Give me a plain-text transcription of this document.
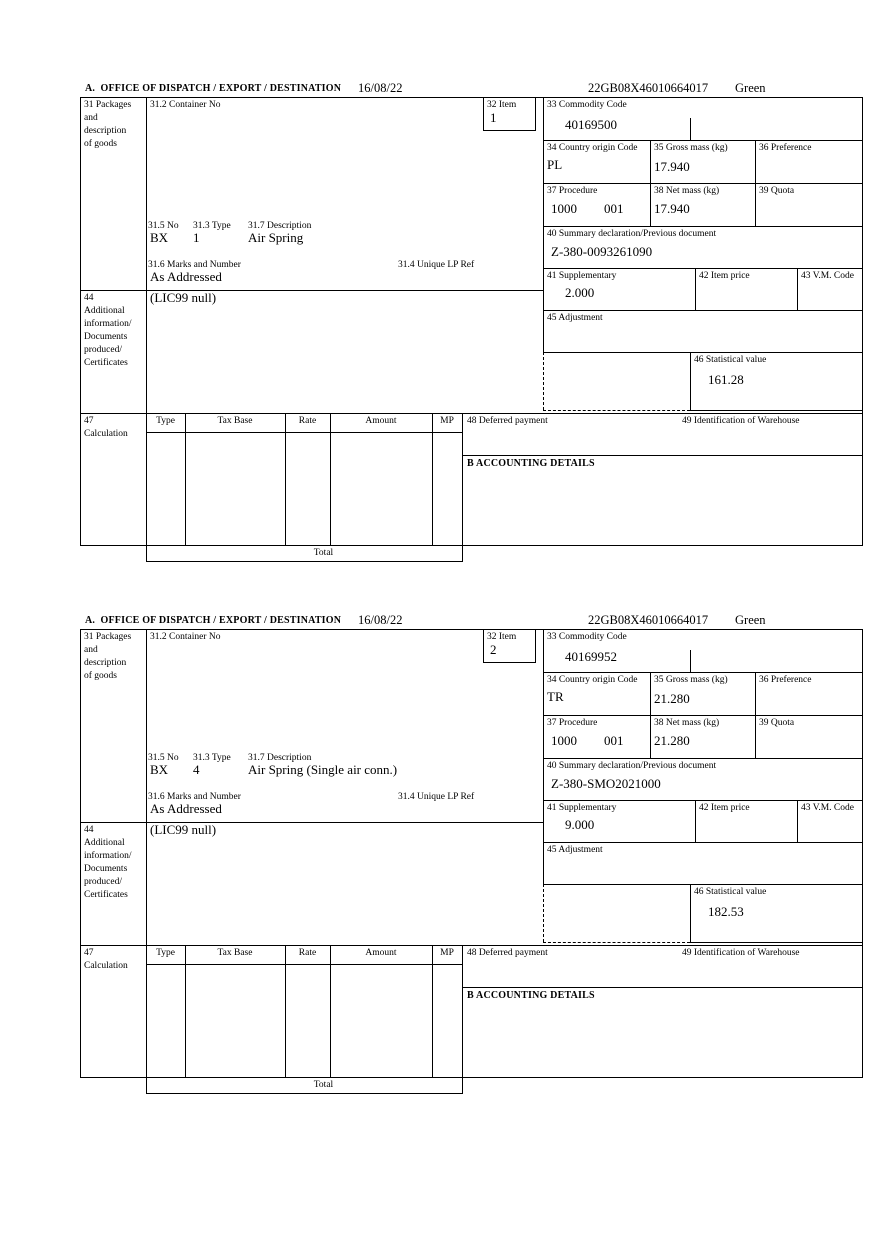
A.  OFFICE OF DISPATCH / EXPORT / DESTINATION 16/08/22	22GB08X46010664017 Green
31 Packages
and
description
of goods
31.2 Container No	32 Item
1
33 Commodity Code
40169500
34 Country origin Code
PL
35 Gross mass (kg)
17.940
36 Preference
37 Procedure
1000 001
38 Net mass (kg)
17.940
39 Quota
40 Summary declaration/Previous document
Z-380-0093261090
41 Supplementary
2.000
42 Item price	43 V.M. Code
45 Adjustment
46 Statistical value
161.28
31.5 No 31.3 Type 31.7 Description
BX 1	Air Spring
31.6 Marks and Number	31.4 Unique LP Ref
As Addressed
44
Additional
information/
Documents
produced/
Certificates
(LIC99 null)
47
Calculation
Type	Tax Base	Rate	Amount	MP	48 Deferred payment	49 Identification of Warehouse
B ACCOUNTING DETAILS
Total
A.  OFFICE OF DISPATCH / EXPORT / DESTINATION 16/08/22	22GB08X46010664017 Green
31 Packages
and
description
of goods
31.2 Container No	32 Item
2
33 Commodity Code
40169952
34 Country origin Code
TR
35 Gross mass (kg)
21.280
36 Preference
37 Procedure
1000 001
38 Net mass (kg)
21.280
39 Quota
40 Summary declaration/Previous document
Z-380-SMO2021000
41 Supplementary
9.000
42 Item price	43 V.M. Code
45 Adjustment
46 Statistical value
182.53
31.5 No 31.3 Type 31.7 Description
BX 4	Air Spring (Single air conn.)
31.6 Marks and Number	31.4 Unique LP Ref
As Addressed
44
Additional
information/
Documents
produced/
Certificates
(LIC99 null)
47
Calculation
Type	Tax Base	Rate	Amount	MP	48 Deferred payment	49 Identification of Warehouse
B ACCOUNTING DETAILS
Total
